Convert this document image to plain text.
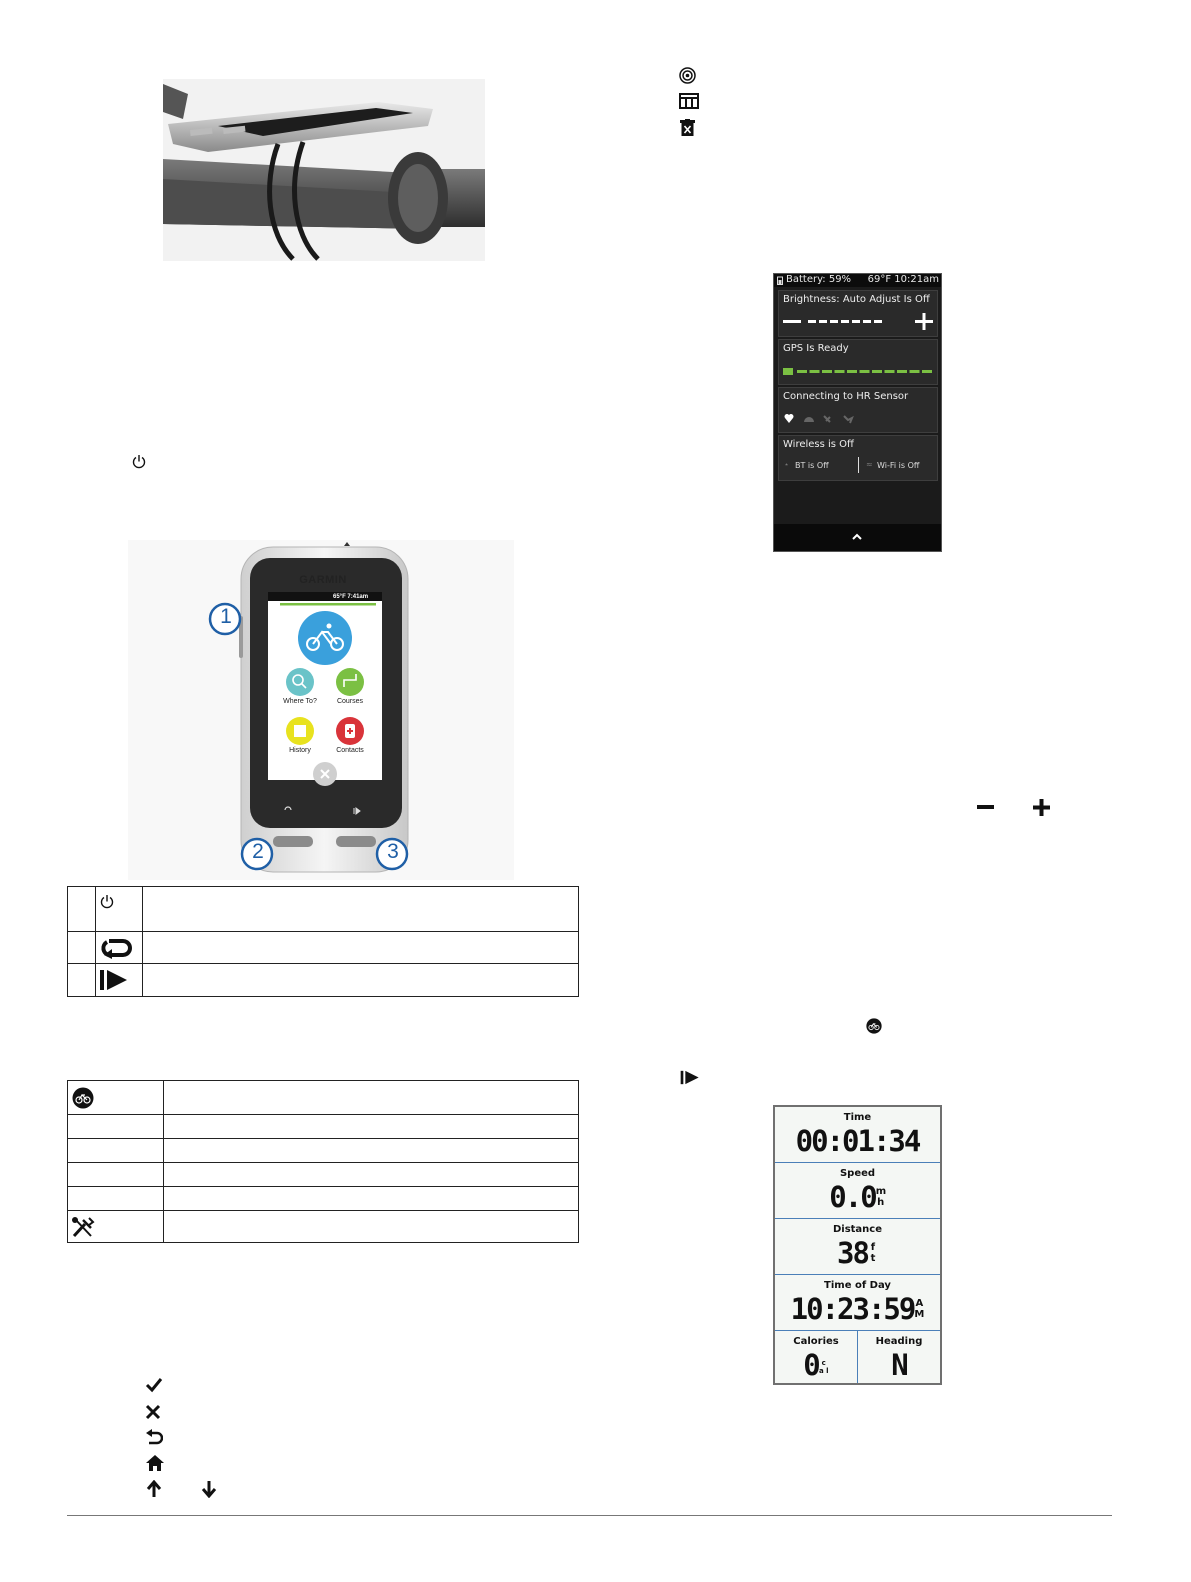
GARMIN
65°F 7:41am
Where To?	Courses
History	Contacts
1
2	3

Battery: 59% 69°F 10:21am
Brightness: Auto Adjust Is Off
GPS Is Ready
Connecting to HR Sensor
Wireless is Off
⋆ BT is Off	≈ Wi-Fi is Off
Time
00:01:34
Speed
0.0m h
Distance
38 f t
Time of Day
10:23:59A M
Calories
0 c a l
Heading
N
